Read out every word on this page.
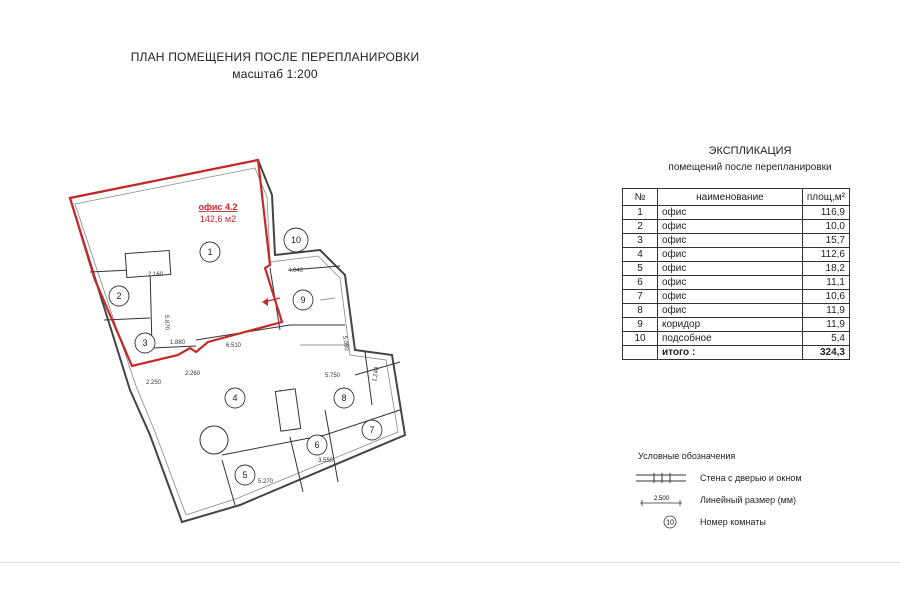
ПЛАН ПОМЕЩЕНИЯ ПОСЛЕ ПЕРЕПЛАНИРОВКИ
масштаб 1:200
офис 4.2
142,6 м2
2.160
5.870
1.880	6.510
2.250
2.260
4.040
5.080
5.750	1.240
3.550
5.270
1
2
3
4
5
6
7
8
9
10
ЭКСПЛИКАЦИЯ
помещений после перепланировки
№	наименование	площ,м²
1	офис	116,9
2	офис	10,0
3	офис	15,7
4	офис	112,6
5	офис	18,2
6	офис	11,1
7	офис	10,6
8	офис	11,9
9	коридор	11,9
10	подсобное	5,4
	итого :	324,3
Условные обозначения
Стена с дверью и окном
2.500	Линейный размер (мм)
10	Номер комнаты
